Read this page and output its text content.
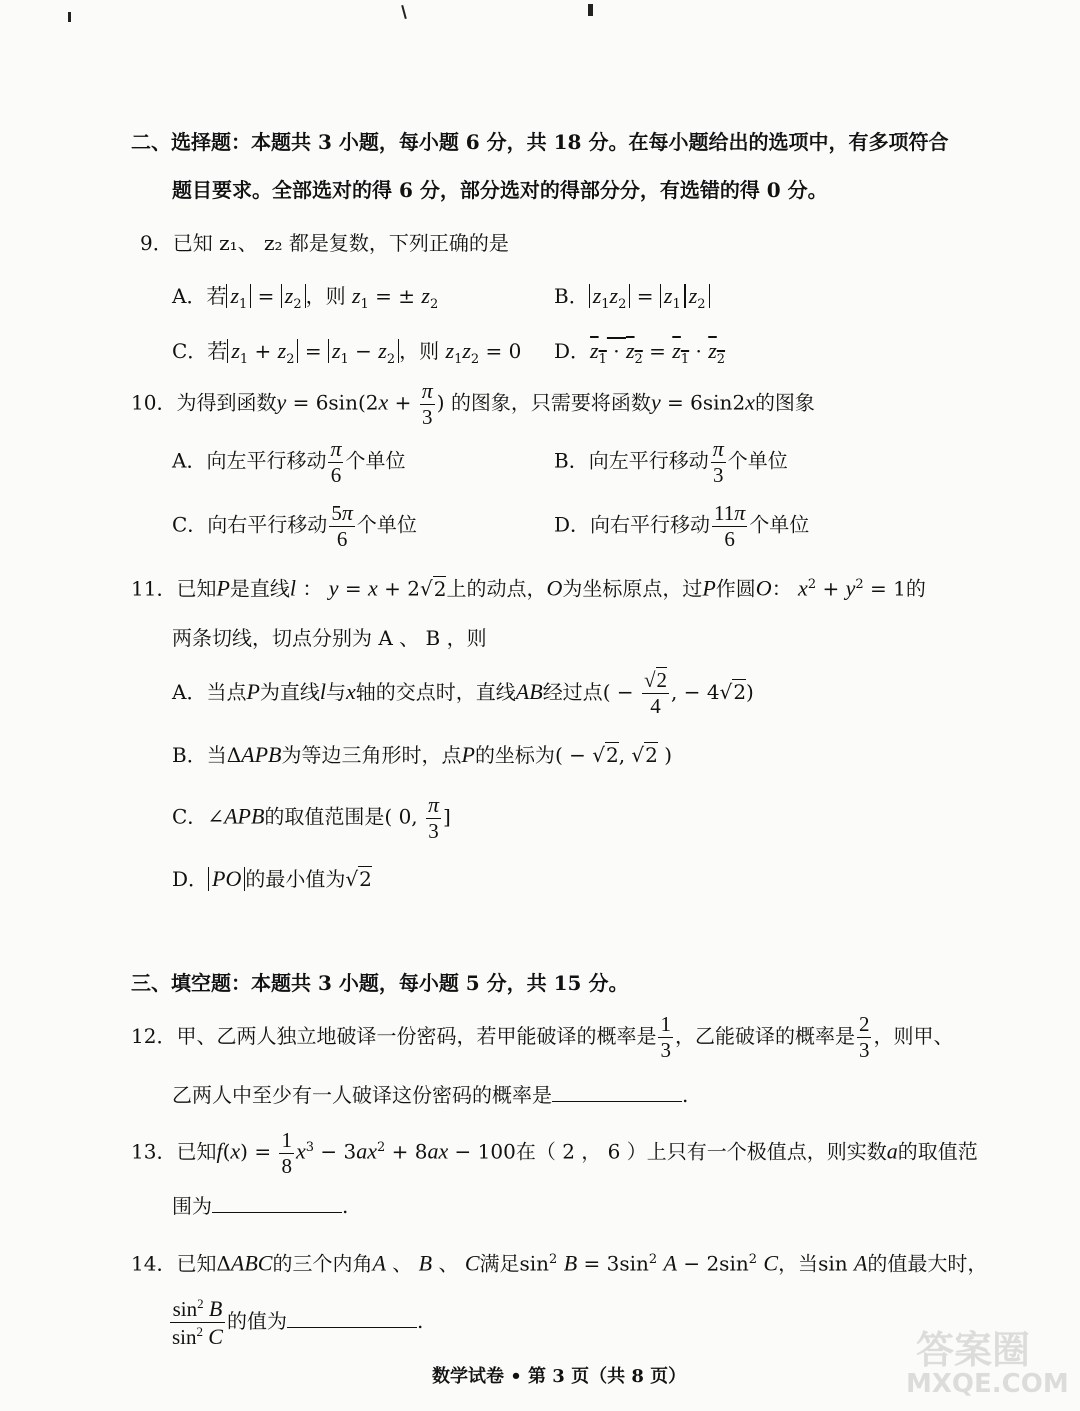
二、选择题：本题共 3 小题，每小题 6 分，共 18 分。在每小题给出的选项中，有多项符合
题目要求。全部选对的得 6 分，部分选对的得部分分，有选错的得 0 分。
9．已知 z₁、 z₂ 都是复数，下列正确的是
A．若 $z_1 = z_2$ ，则 $z_1$ = ± $z_2$	B． $z_1z_2 = z_1$ $z_2$
C．若 $z_1 + z_2 = z_1 - z_2$ ，则 $z_1z_2 = 0$ D．$z_1 \cdot z_2 = z_1 \cdot z_2$
10．为得到函数$y = 6\sin(2x + \frac{\pi}{3}$ ) 的图象，只需要将函数y = 6sin2x的图象
A．向左平行移动 $\frac{\pi}{6}$ 个单位	B．向左平行移动 $\frac{\pi}{3}$ 个单位
C．向右平行移动 $\frac{5\pi}{6}$ 个单位	D．向右平行移动 $\frac{11\pi}{6}$ 个单位
11．已知P是直线l ： y = x + 2√2上的动点，O为坐标原点，过P作圆O： $x^2 + y^2 = 1$的
两条切线，切点分别为 A 、 B ，则
A．当点P为直线l与x轴的交点时，直线AB经过点( − $\frac{√2}{4}$ , − 4√2)
B．当ΔAPB为等边三角形时，点P的坐标为( − √2, √2 )
C．∠APB的取值范围是( 0, $\frac{\pi}{3}$ ]
D． PO 的最小值为√2
三、填空题：本题共 3 小题，每小题 5 分，共 15 分。
12．甲、乙两人独立地破译一份密码，若甲能破译的概率是 $\frac{1}{3}$ ，乙能破译的概率是 $\frac{2}{3}$ ，则甲、
乙两人中至少有一人破译这份密码的概率是	.
13．已知$f(x) = \frac{1}{8} x^3 - 3ax^2 + 8ax - 100$在（ 2 ， 6 ）上只有一个极值点，则实数a的取值范
围为	.
14．已知ΔABC的三个内角A 、 B 、 C满足$\sin^2 B = 3\sin^2$ $A - 2\sin^2$ C，当sin A的值最大时，
$\frac{\sin^2 B}{\sin^2 C}$ 的值为	.
数学试卷 • 第 3 页（共 8 页）
答案圈
MXQE.COM
